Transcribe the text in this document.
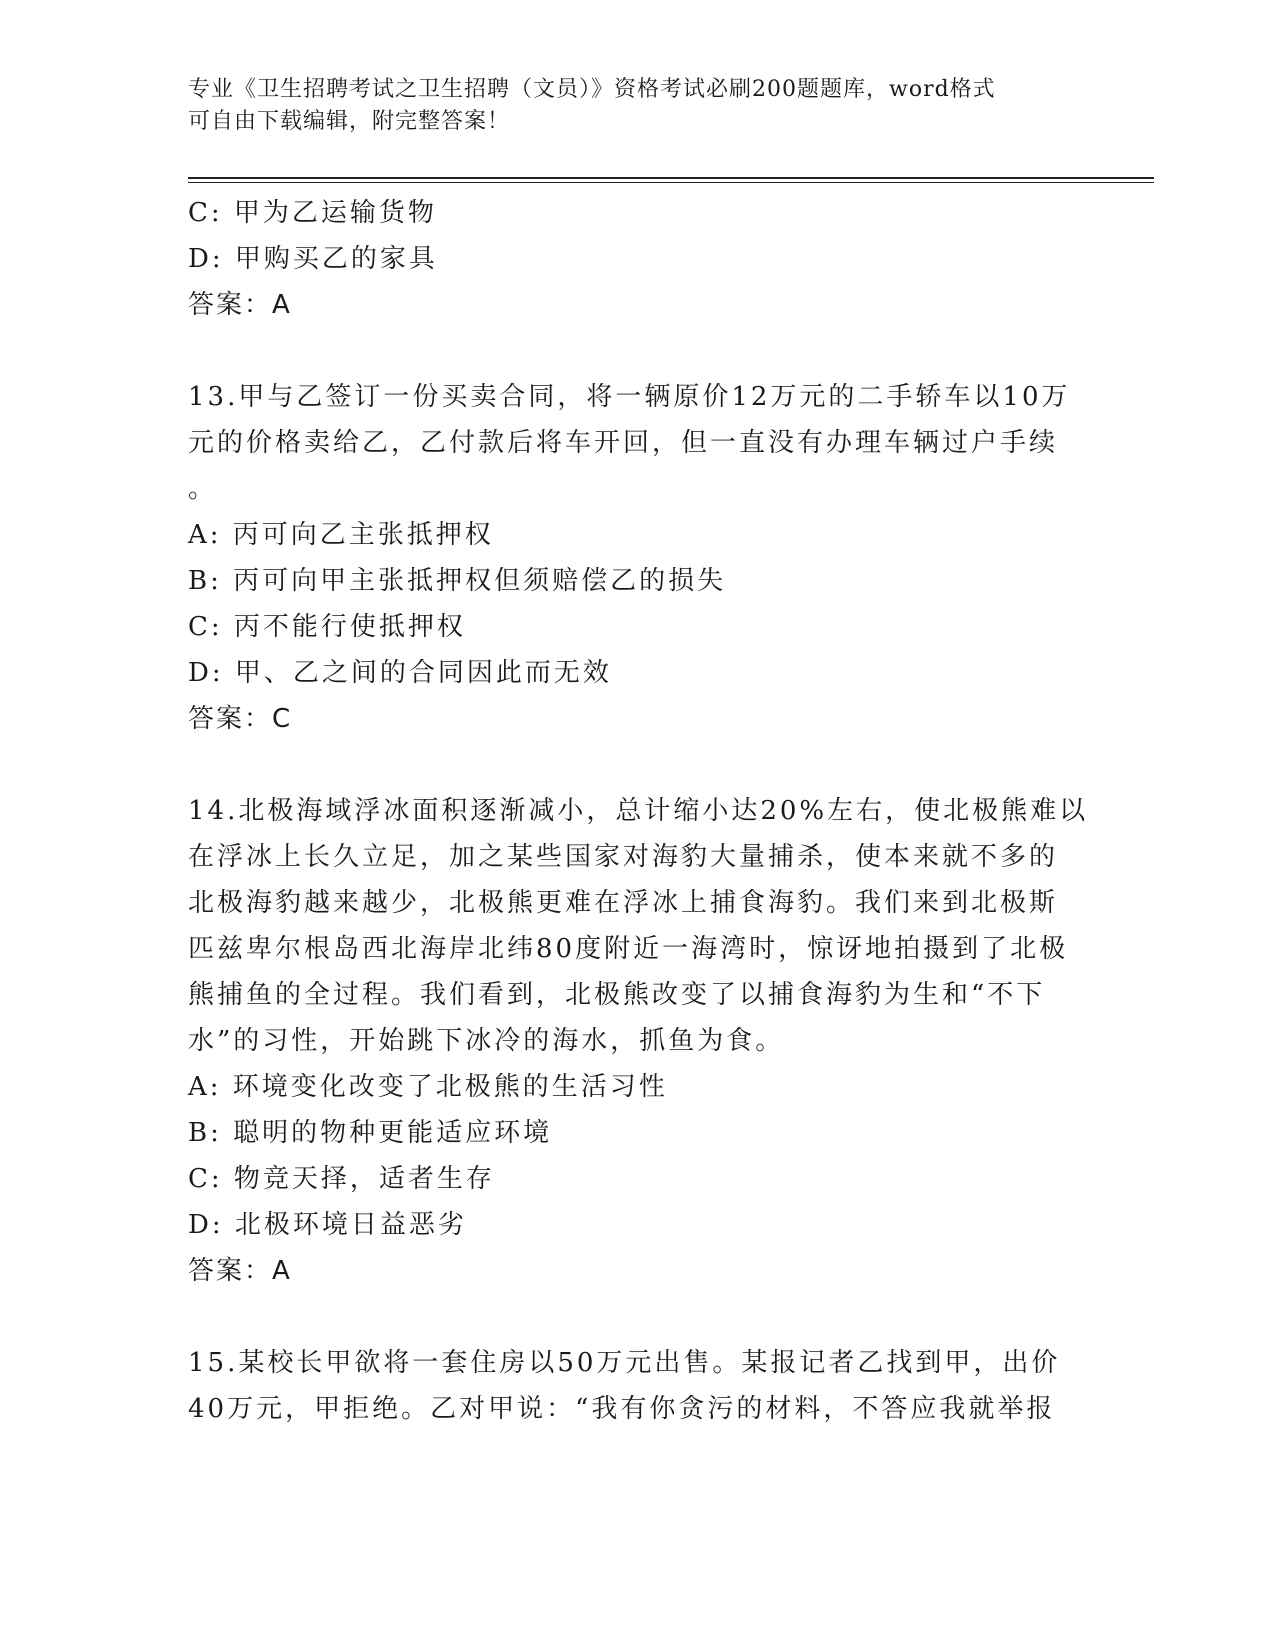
专业《卫生招聘考试之卫生招聘（文员）》资格考试必刷200题题库，word格式
可自由下载编辑，附完整答案！
C: 甲为乙运输货物
D: 甲购买乙的家具
答案：A
13.甲与乙签订一份买卖合同，将一辆原价12万元的二手轿车以10万
元的价格卖给乙，乙付款后将车开回，但一直没有办理车辆过户手续
。
A: 丙可向乙主张抵押权
B: 丙可向甲主张抵押权但须赔偿乙的损失
C: 丙不能行使抵押权
D: 甲、乙之间的合同因此而无效
答案：C
14.北极海域浮冰面积逐渐减小，总计缩小达20%左右，使北极熊难以
在浮冰上长久立足，加之某些国家对海豹大量捕杀，使本来就不多的
北极海豹越来越少，北极熊更难在浮冰上捕食海豹。我们来到北极斯
匹兹卑尔根岛西北海岸北纬80度附近一海湾时，惊讶地拍摄到了北极
熊捕鱼的全过程。我们看到，北极熊改变了以捕食海豹为生和“不下
水”的习性，开始跳下冰冷的海水，抓鱼为食。
A: 环境变化改变了北极熊的生活习性
B: 聪明的物种更能适应环境
C: 物竞天择，适者生存
D: 北极环境日益恶劣
答案：A
15.某校长甲欲将一套住房以50万元出售。某报记者乙找到甲，出价
40万元，甲拒绝。乙对甲说：“我有你贪污的材料，不答应我就举报
